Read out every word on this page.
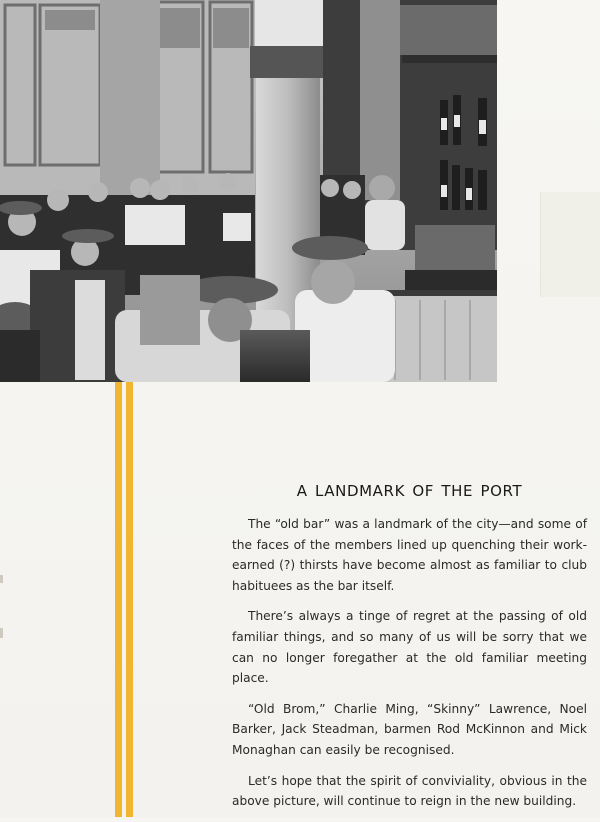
A LANDMARK OF THE PORT

The “old bar” was a landmark of the city—and some of the faces of the members lined up quenching their work-earned (?) thirsts have become almost as familiar to club habituees as the bar itself.

There’s always a tinge of regret at the passing of old familiar things, and so many of us will be sorry that we can no longer foregather at the old familiar meeting place.

“Old Brom,” Charlie Ming, “Skinny” Lawrence, Noel Barker, Jack Steadman, barmen Rod McKinnon and Mick Monaghan can easily be recognised.

Let’s hope that the spirit of conviviality, obvious in the above picture, will continue to reign in the new building.
